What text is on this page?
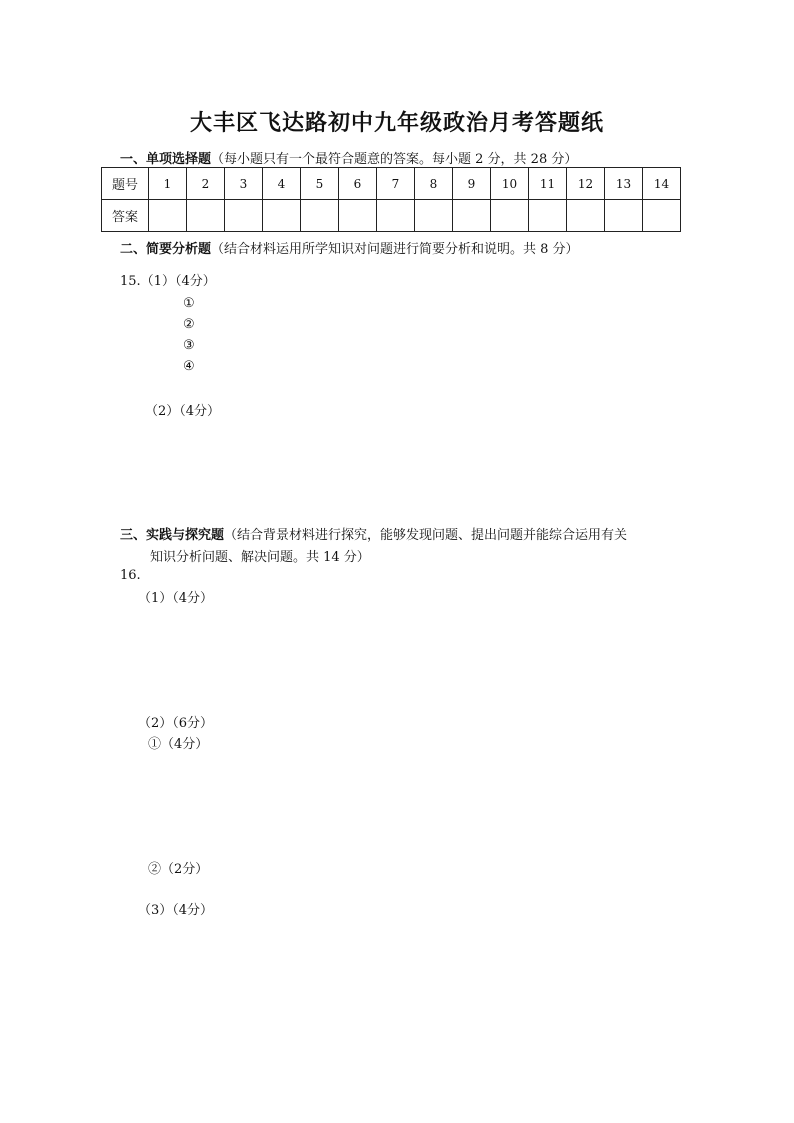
大丰区飞达路初中九年级政治月考答题纸
一、单项选择题（每小题只有一个最符合题意的答案。每小题 2 分，共 28 分）
题号	1	2	3	4	5	6	7	8	9	10	11	12	13	14
答案														
二、简要分析题（结合材料运用所学知识对问题进行简要分析和说明。共 8 分）
15.（1）（4分）
①
②
③
④
（2）（4分）
三、实践与探究题（结合背景材料进行探究，能够发现问题、提出问题并能综合运用有关
知识分析问题、解决问题。共 14 分）
16.
（1）（4分）
（2）（6分）
①（4分）
②（2分）
（3）（4分）
